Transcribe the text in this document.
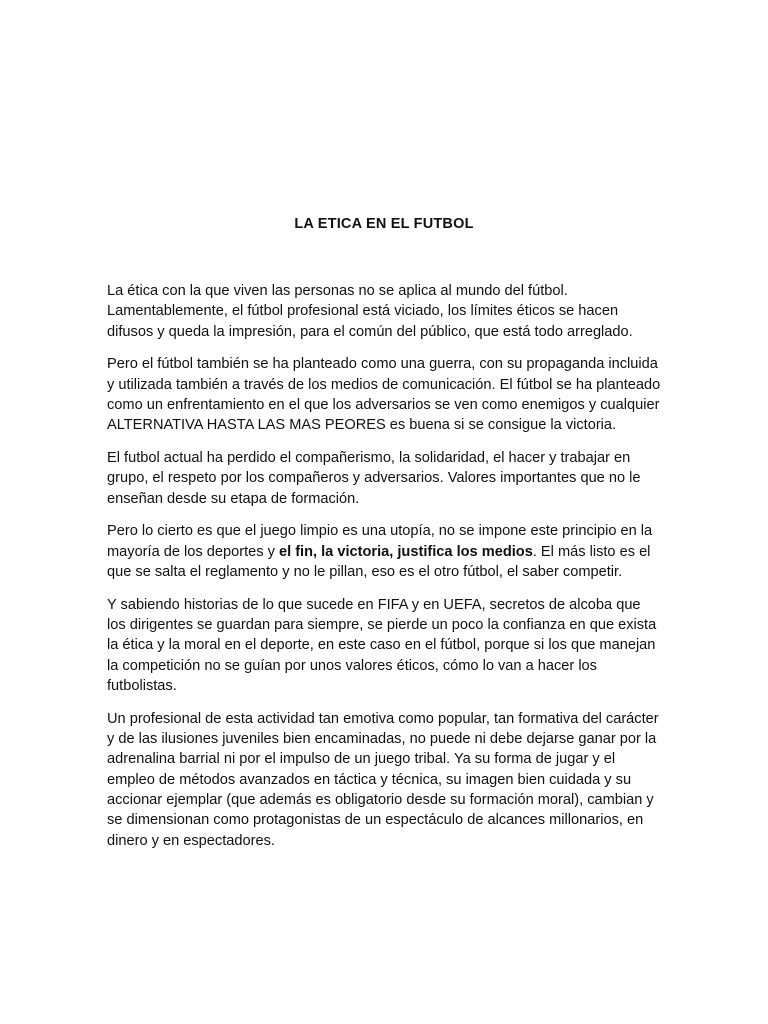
LA ETICA EN EL FUTBOL

La ética con la que viven las personas no se aplica al mundo del fútbol. Lamentablemente, el fútbol profesional está viciado, los límites éticos se hacen difusos y queda la impresión, para el común del público, que está todo arreglado.

Pero el fútbol también se ha planteado como una guerra, con su propaganda incluida y utilizada también a través de los medios de comunicación. El fútbol se ha planteado como un enfrentamiento en el que los adversarios se ven como enemigos y cualquier ALTERNATIVA HASTA LAS MAS PEORES es buena si se consigue la victoria.

El futbol actual ha perdido el compañerismo, la solidaridad, el hacer y trabajar en grupo, el respeto por los compañeros y adversarios. Valores importantes que no le enseñan desde su etapa de formación.

Pero lo cierto es que el juego limpio es una utopía, no se impone este principio en la mayoría de los deportes y el fin, la victoria, justifica los medios. El más listo es el que se salta el reglamento y no le pillan, eso es el otro fútbol, el saber competir.

Y sabiendo historias de lo que sucede en FIFA y en UEFA, secretos de alcoba que los dirigentes se guardan para siempre, se pierde un poco la confianza en que exista la ética y la moral en el deporte, en este caso en el fútbol, porque si los que manejan la competición no se guían por unos valores éticos, cómo lo van a hacer los futbolistas.

Un profesional de esta actividad tan emotiva como popular, tan formativa del carácter y de las ilusiones juveniles bien encaminadas, no puede ni debe dejarse ganar por la adrenalina barrial ni por el impulso de un juego tribal. Ya su forma de jugar y el empleo de métodos avanzados en táctica y técnica, su imagen bien cuidada y su accionar ejemplar (que además es obligatorio desde su formación moral), cambian y se dimensionan como protagonistas de un espectáculo de alcances millonarios, en dinero y en espectadores.
